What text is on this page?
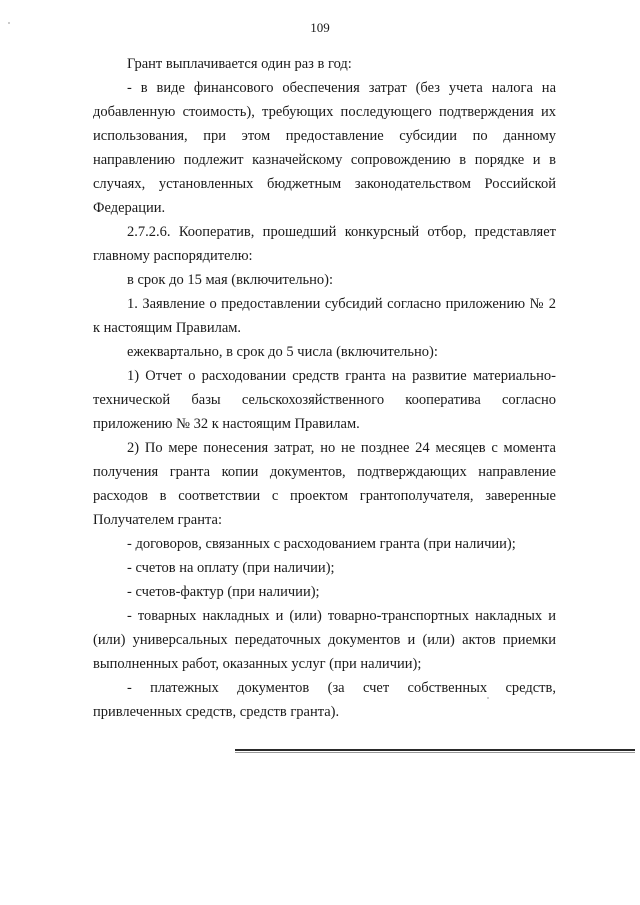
109

Грант выплачивается один раз в год:

- в виде финансового обеспечения затрат (без учета налога на добавленную стоимость), требующих последующего подтверждения их использования, при этом предоставление субсидии по данному направлению подлежит казначейскому сопровождению в порядке и в случаях, установленных бюджетным законодательством Российской Федерации.

2.7.2.6. Кооператив, прошедший конкурсный отбор, представляет главному распорядителю:

в срок до 15 мая (включительно):

1. Заявление о предоставлении субсидий согласно приложению № 2 к настоящим Правилам.

ежеквартально, в срок до 5 числа (включительно):

1) Отчет о расходовании средств гранта на развитие материально-технической базы сельскохозяйственного кооператива согласно приложению № 32 к настоящим Правилам.

2) По мере понесения затрат, но не позднее 24 месяцев с момента получения гранта копии документов, подтверждающих направление расходов в соответствии с проектом грантополучателя, заверенные Получателем гранта:

- договоров, связанных с расходованием гранта (при наличии);

- счетов на оплату (при наличии);

- счетов-фактур (при наличии);

- товарных накладных и (или) товарно-транспортных накладных и (или) универсальных передаточных документов и (или) актов приемки выполненных работ, оказанных услуг (при наличии);

- платежных документов (за счет собственных средств, привлеченных средств, средств гранта).
